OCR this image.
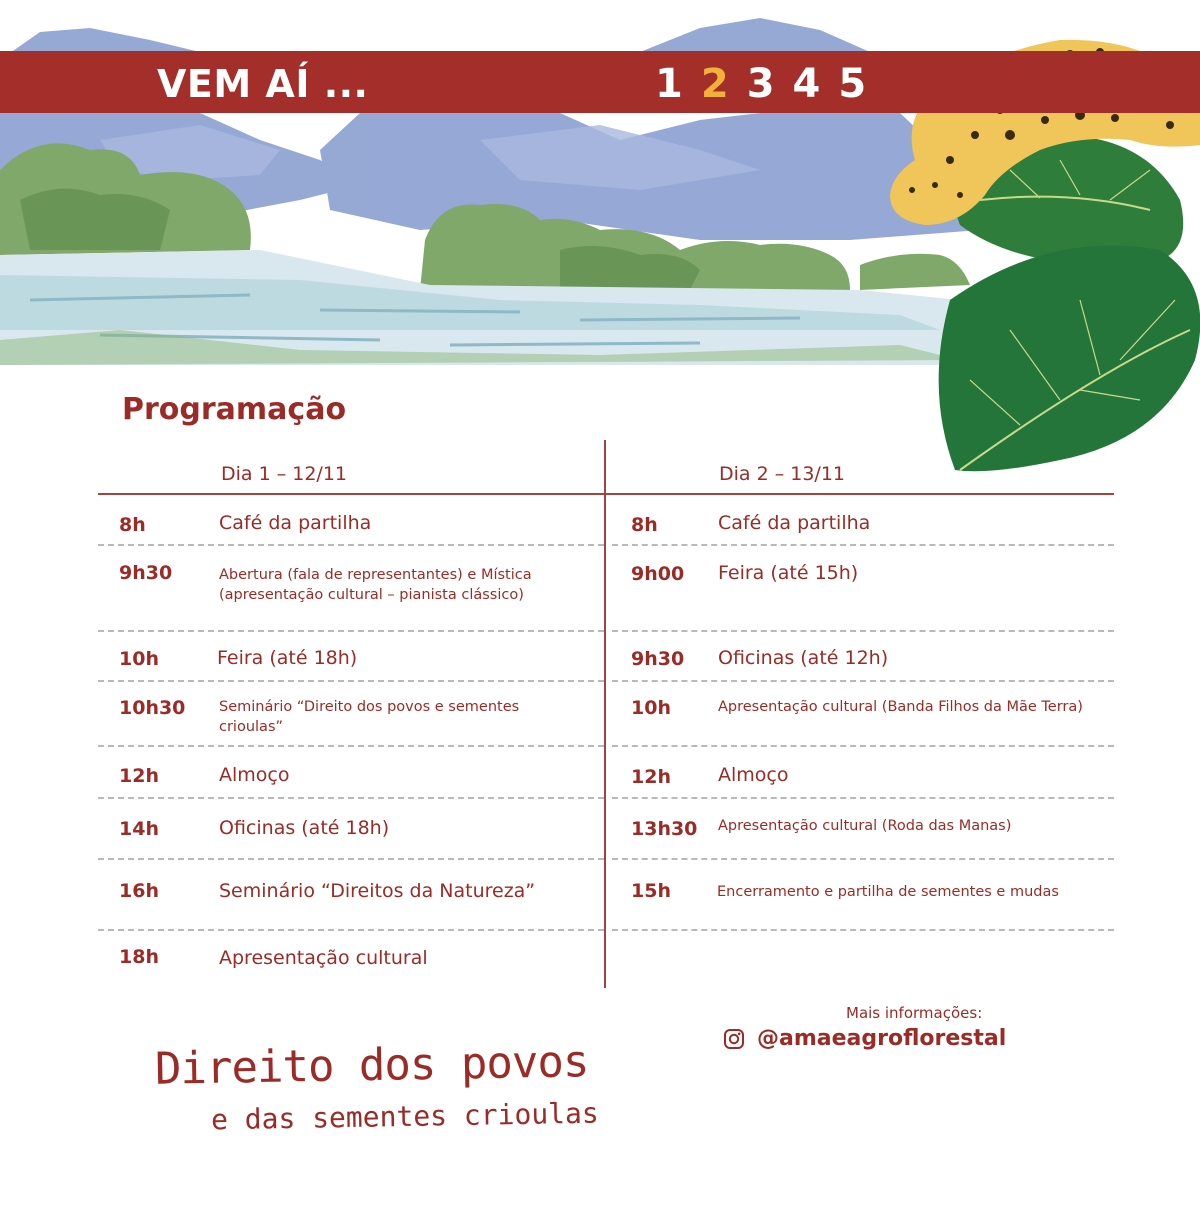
VEM AÍ ...	1 2 3 4 5
Programação
Dia 1 – 12/11	Dia 2 – 13/11
8h	Café da partilha
9h30	Abertura (fala de representantes) e Mística (apresentação cultural – pianista clássico)
10h	Feira (até 18h)
10h30 Seminário “Direito dos povos e sementes crioulas”
12h	Almoço
14h	Oficinas (até 18h)
16h	Seminário “Direitos da Natureza”
18h	Apresentação cultural
8h	Café da partilha
9h00 Feira (até 15h)
9h30 Oficinas (até 12h)
10h	Apresentação cultural (Banda Filhos da Mãe Terra)
12h Almoço
13h30 Apresentação cultural (Roda das Manas)
15h	Encerramento e partilha de sementes e mudas
Mais informações:
@amaeagroflorestal
Direito dos povos
e das sementes crioulas
